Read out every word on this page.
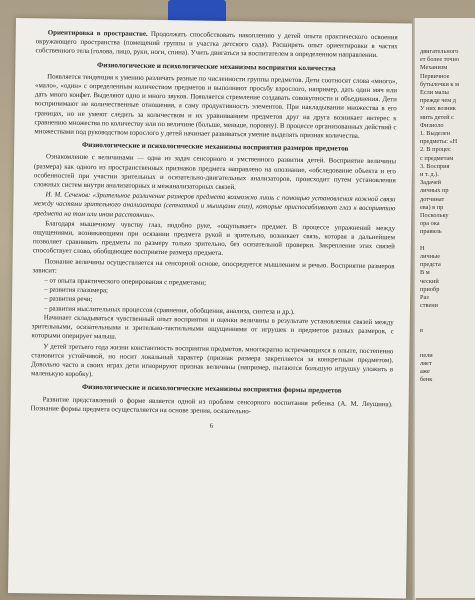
Ориентировка в пространстве. Продолжать способствовать накоплению у детей опыта практического освоения окружающего пространства (помещений группы и участка детского сада). Расширять опыт ориентировки в частях собственного тела (голова, лицо, руки, ноги, спина). Учить двигаться за воспитателем в определенном направлении.

Физиологические и психологические механизмы восприятия количества

Появляется тенденция к умению различать разные по численности группы предметов. Дети соотносят слова «много», «мало», «один» с определенным количеством предметов и выполняют просьбу взрослого, например, дать один мяч или дать много конфет. Выделяют одно и много звуков. Появляется стремление создавать совокупности и объединения. Дети воспринимают не количественные отношения, а саму продуктивность элементов. При накладывании множества в его границах, но не умеют следить за количеством и их уравниванием предметов друг на друга возникает интерес к сравнению множества по количеству или по величине (больше, меньше, поровну). В процессе организованных действий с множествами под руководством взрослого у детей начинает развиваться умение выделять признак количества.

Физиологические и психологические механизмы восприятия размеров предметов

Ознакомление с величинами — одна из задач сенсорного и умственного развития детей. Восприятие величины (размера) как одного из пространственных признаков предмета направлено на опознание, «обследование объекта и его особенностей при участии зрительных и осязательно-двигательных анализаторов, происходит путем установления сложных систем внутри анализаторных и межанализаторных связей.

И. М. Сеченов: «Зрительное различение размеров предмета возможно лишь с помощью установления кожной связи между частями зрительного анализатора (сетчаткой и мышцами глаз), которые приспосабливают глаз к восприятию предмета на том или ином расстоянии».

Благодаря мышечному чувству глаз, подобно руке, «ощупывает» предмет. В процессе упражнений между ощущениями, возникающими при осязании предмета рукой и зрительно, возникает связь, которая в дальнейшем позволяет сравнивать предметы по размеру только зрительно, без осязательной проверки. Закрепление этих связей способствует слово, обобщающее восприятие размера предмета.

Познание величины осуществляется на сенсорной основе, опосредуется мышлением и речью. Восприятие размеров зависит:

– от опыта практического оперирования с предметами;
– развития глазомера;
– развития речи;
– развития мыслительных процессов (сравнения, обобщения, анализа, синтеза и др.).

Начинает складываться чувственный опыт восприятия и оценки величины в результате установления связей между зрительными, осязательными и зрительно-тактильными ощущениями от игрушек и предметов разных размеров, с которыми оперирует малыш.

У детей третьего года жизни константность восприятия предметов, многократно встречающихся в опыте, постепенно становится устойчивой, но носит локальный характер (признак размера закрепляется за конкретным предметом). Довольно часто в своих играх дети игнорируют признак величины (например, пытаются большую игрушку уложить в маленькую коробку).

Физиологические и психологические механизмы восприятия формы предметов

Развитие представлений о форме является одной из проблем сенсорного воспитания ребенка (А. М. Леушина). Познание формы предмета осуществляется на основе зрения, осязательно-

6

двигательного
ет более точно
Механизм
Первичное
бутылочки к м
Если малы
прежде чем д
У них возник
мить детей с
Физиоло
1. Выделен
предметы: «Н
2. В процес
с предметам
3. Восприя
и т. д.).
Задачей
личных пр
дотчинат
ева) в пр
Поскольку
ора ока
правиль

Н
личные
предста
В м
ческий
приобр
Раз
ствени

в

пели
ляет
аже
бенк
